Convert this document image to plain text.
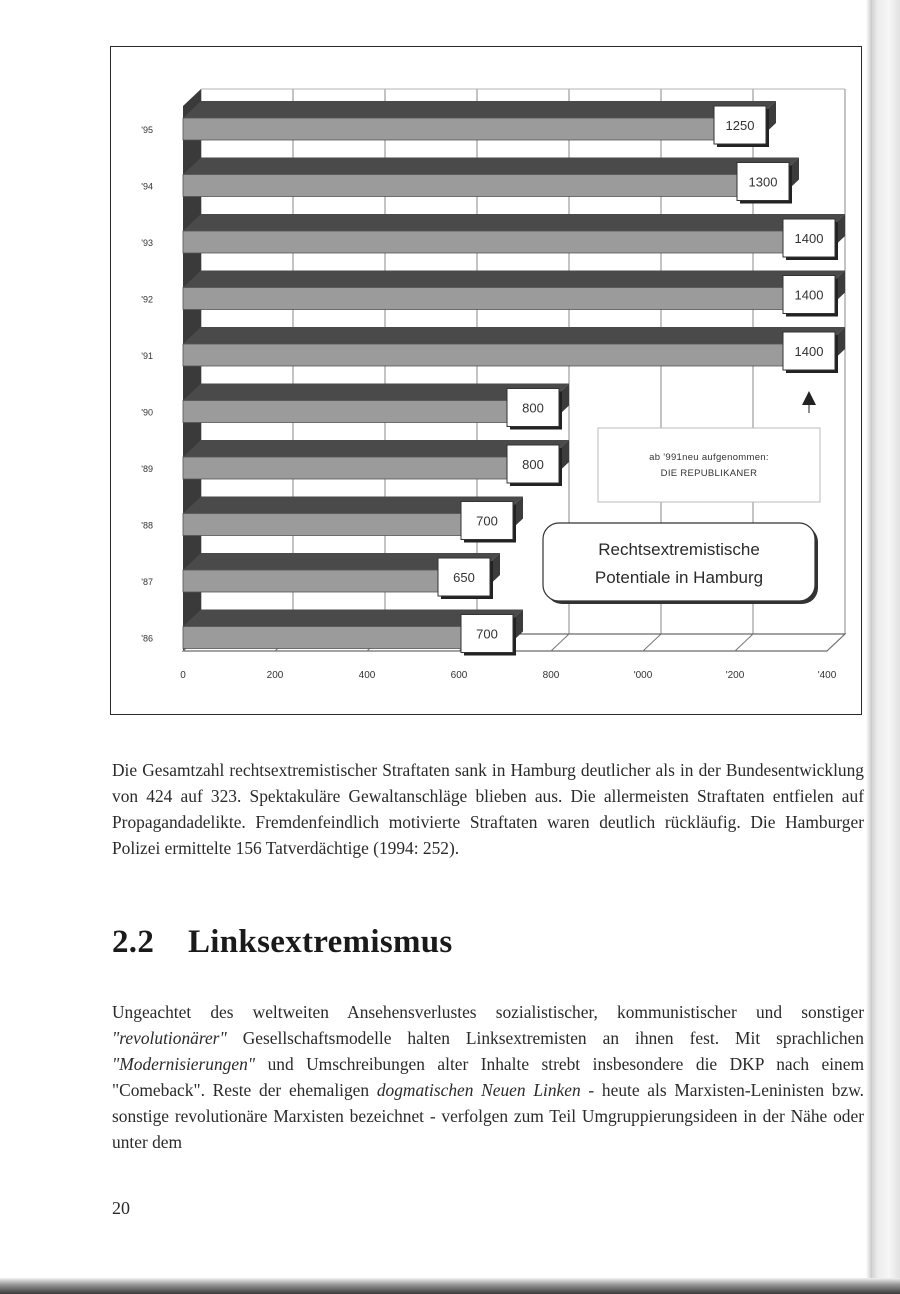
0	200	400	600	800	'000	'200	'400
'86	700
'87	650
'88	700
'89	800
'90	800
'91	1400
'92	1400
'93	1400
'94	1300
'95	1250
ab '991neu aufgenommen:
DIE REPUBLIKANER
Rechtsextremistische
Potentiale in Hamburg

Die Gesamtzahl rechtsextremistischer Straftaten sank in Hamburg deutlicher als in der Bundesentwicklung von 424 auf 323. Spektakuläre Gewaltanschläge blieben aus. Die allermeisten Straftaten entfielen auf Propagandadelikte. Fremdenfeindlich motivierte Straftaten waren deutlich rückläufig. Die Hamburger Polizei ermittelte 156 Tatverdächtige (1994: 252).

2.2 Linksextremismus

Ungeachtet des weltweiten Ansehensverlustes sozialistischer, kommunistischer und sonstiger "revolutionärer" Gesellschaftsmodelle halten Linksextremisten an ihnen fest. Mit sprachlichen "Modernisierungen" und Umschreibungen alter Inhalte strebt insbesondere die DKP nach einem "Comeback". Reste der ehemaligen dogmatischen Neuen Linken - heute als Marxisten-Leninisten bzw. sonstige revolutionäre Marxisten bezeichnet - verfolgen zum Teil Umgruppierungsideen in der Nähe oder unter dem

20
